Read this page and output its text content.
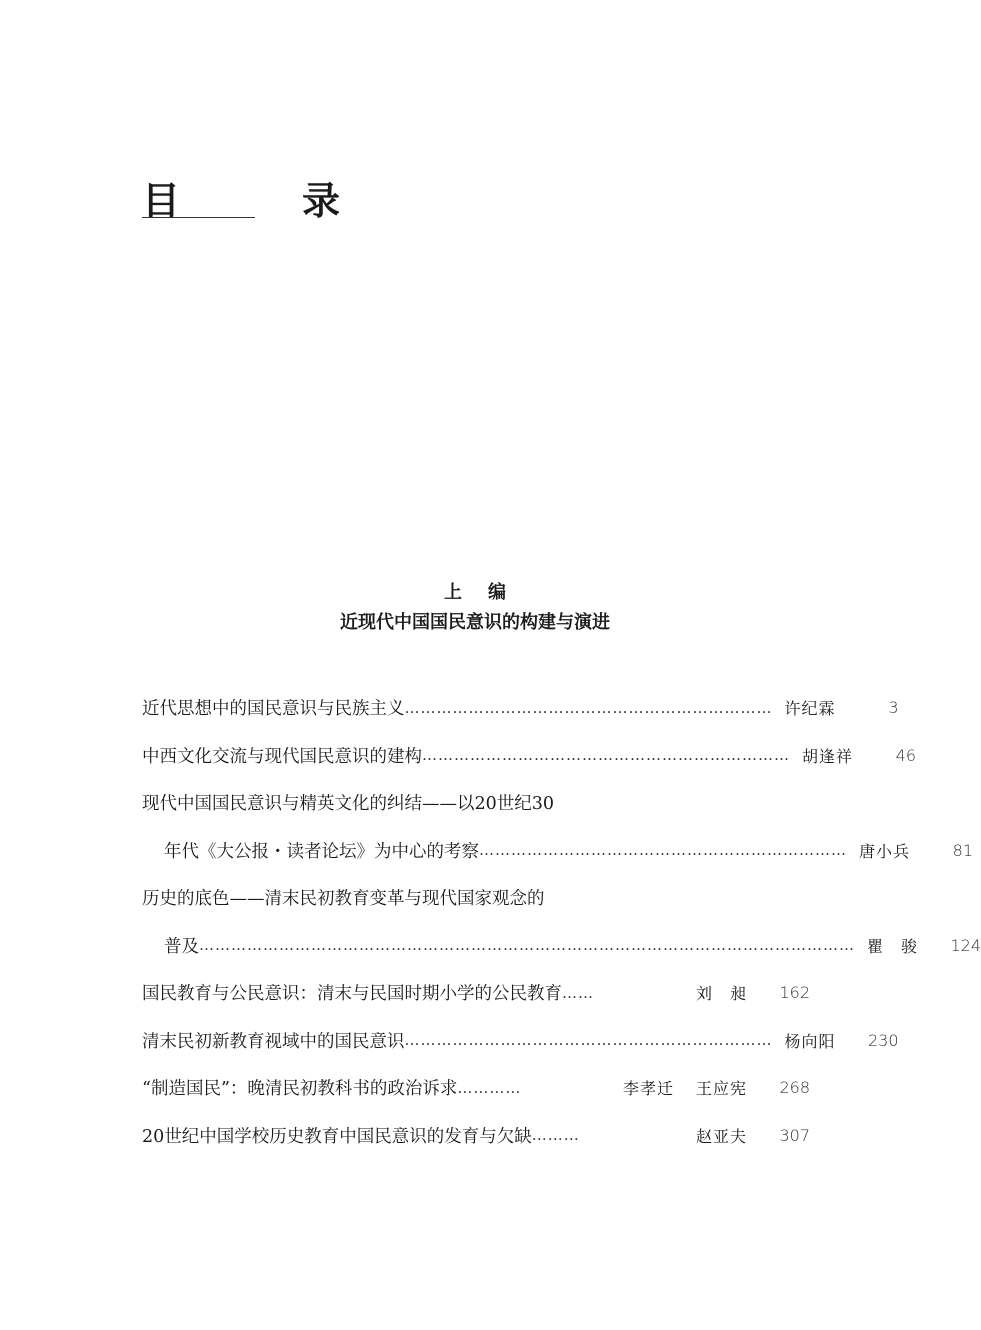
目　录
上编
近现代中国国民意识的构建与演进
近代思想中的国民意识与民族主义 …………………………………………………………… 许纪霖	3
中西文化交流与现代国民意识的建构 …………………………………………………………… 胡逢祥	46
现代中国国民意识与精英文化的纠结——以20世纪30
年代《大公报・读者论坛》为中心的考察 …………………………………………………………… 唐小兵	81
历史的底色——清末民初教育变革与现代国家观念的
普及 …………………………………………………………………………………………………………… 瞿　骏	124
国民教育与公民意识：清末与民国时期小学的公民教育 ……	刘　昶	162
清末民初新教育视域中的国民意识 …………………………………………………………… 杨向阳	230
“制造国民”：晚清民初教科书的政治诉求 …………	李孝迁 王应宪	268
20世纪中国学校历史教育中国民意识的发育与欠缺 ………	赵亚夫	307
